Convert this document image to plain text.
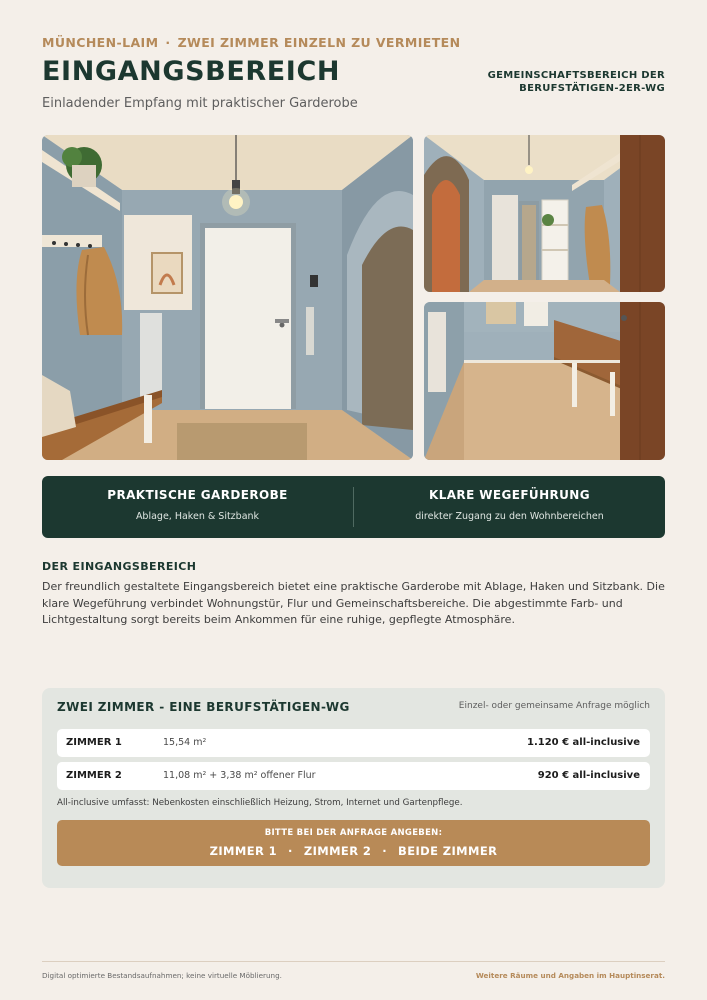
MÜNCHEN-LAIM · ZWEI ZIMMER EINZELN ZU VERMIETEN
EINGANGSBEREICH
Einladender Empfang mit praktischer Garderobe
GEMEINSCHAFTSBEREICH DER
BERUFSTÄTIGEN-2ER-WG
PRAKTISCHE GARDEROBE
Ablage, Haken & Sitzbank
KLARE WEGEFÜHRUNG
direkter Zugang zu den Wohnbereichen
DER EINGANGSBEREICH
Der freundlich gestaltete Eingangsbereich bietet eine praktische Garderobe mit Ablage, Haken und Sitzbank. Die klare Wegeführung verbindet Wohnungstür, Flur und Gemeinschaftsbereiche. Die abgestimmte Farb- und Lichtgestaltung sorgt bereits beim Ankommen für eine ruhige, gepflegte Atmosphäre.
ZWEI ZIMMER - EINE BERUFSTÄTIGEN-WG	Einzel- oder gemeinsame Anfrage möglich
ZIMMER 1	15,54 m²	1.120 € all-inclusive
ZIMMER 2	11,08 m² + 3,38 m² offener Flur	920 € all-inclusive
All-inclusive umfasst: Nebenkosten einschließlich Heizung, Strom, Internet und Gartenpflege.
BITTE BEI DER ANFRAGE ANGEBEN:
ZIMMER 1 · ZIMMER 2 · BEIDE ZIMMER
Digital optimierte Bestandsaufnahmen; keine virtuelle Möblierung.	Weitere Räume und Angaben im Hauptinserat.
